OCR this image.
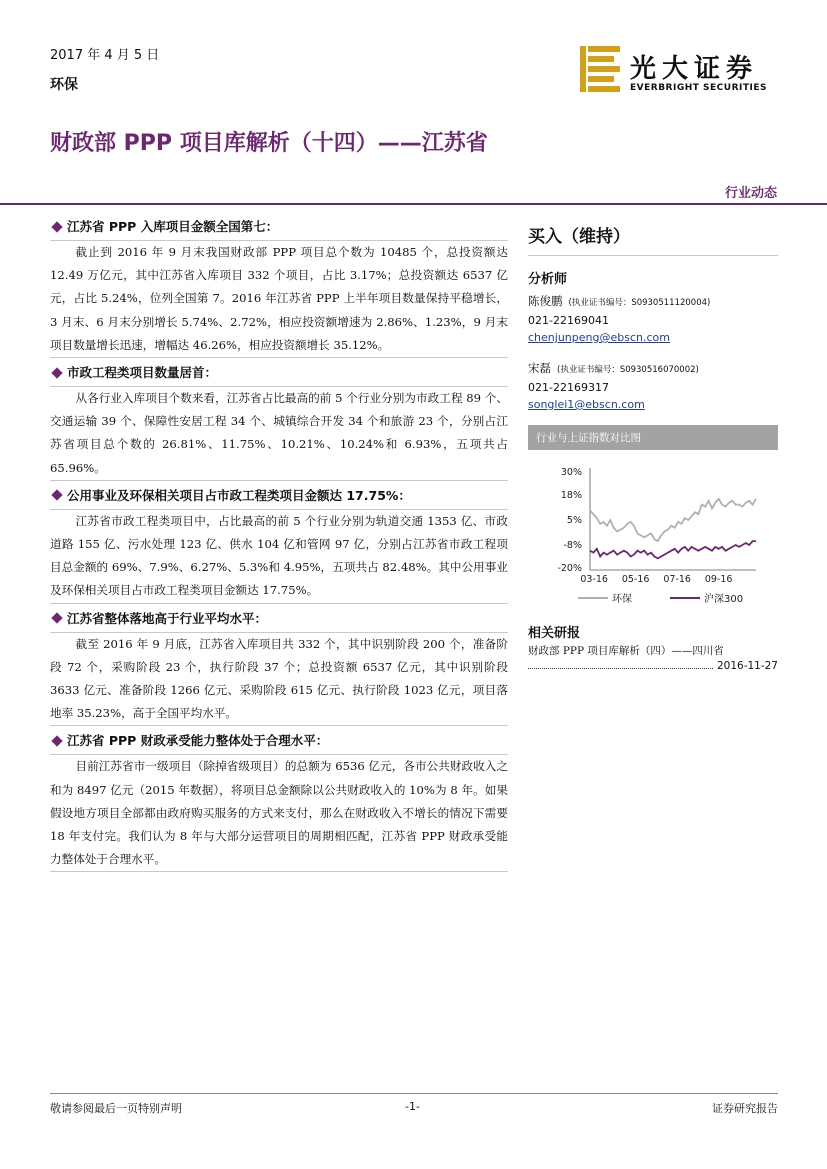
2017 年 4 月 5 日
环保
光大证券
EVERBRIGHT SECURITIES
财政部 PPP 项目库解析（十四）——江苏省
行业动态
江苏省 PPP 入库项目金额全国第七：

截止到 2016 年 9 月末我国财政部 PPP 项目总个数为 10485 个，总投资额达 12.49 万亿元，其中江苏省入库项目 332 个项目，占比 3.17%；总投资额达 6537 亿元，占比 5.24%，位列全国第 7。2016 年江苏省 PPP 上半年项目数量保持平稳增长，3 月末、6 月末分别增长 5.74%、2.72%，相应投资额增速为 2.86%、1.23%，9 月末项目数量增长迅速，增幅达 46.26%，相应投资额增长 35.12%。

市政工程类项目数量居首：

从各行业入库项目个数来看，江苏省占比最高的前 5 个行业分别为市政工程 89 个、交通运输 39 个、保障性安居工程 34 个、城镇综合开发 34 个和旅游 23 个，分别占江苏省项目总个数的 26.81%、11.75%、10.21%、10.24%和 6.93%，五项共占 65.96%。

公用事业及环保相关项目占市政工程类项目金额达 17.75%：

江苏省市政工程类项目中，占比最高的前 5 个行业分别为轨道交通 1353 亿、市政道路 155 亿、污水处理 123 亿、供水 104 亿和管网 97 亿，分别占江苏省市政工程项目总金额的 69%、7.9%、6.27%、5.3%和 4.95%，五项共占 82.48%。其中公用事业及环保相关项目占市政工程类项目金额达 17.75%。

江苏省整体落地高于行业平均水平：

截至 2016 年 9 月底，江苏省入库项目共 332 个，其中识别阶段 200 个，准备阶段 72 个，采购阶段 23 个，执行阶段 37 个；总投资额 6537 亿元，其中识别阶段 3633 亿元、准备阶段 1266 亿元、采购阶段 615 亿元、执行阶段 1023 亿元，项目落地率 35.23%，高于全国平均水平。

江苏省 PPP 财政承受能力整体处于合理水平：

目前江苏省市一级项目（除掉省级项目）的总额为 6536 亿元，各市公共财政收入之和为 8497 亿元（2015 年数据），将项目总金额除以公共财政收入的 10%为 8 年。如果假设地方项目全部都由政府购买服务的方式来支付，那么在财政收入不增长的情况下需要 18 年支付完。我们认为 8 年与大部分运营项目的周期相匹配，江苏省 PPP 财政承受能力整体处于合理水平。

买入（维持）
分析师
陈俊鹏 (执业证书编号：S0930511120004)
021-22169041
chenjunpeng@ebscn.com
宋磊 (执业证书编号：S0930516070002)
021-22169317
songlei1@ebscn.com
行业与上证指数对比图
30%
18%
5%
-8%
-20%
03-16 05-16 07-16 09-16
环保	沪深300
相关研报
财政部 PPP 项目库解析（四）——四川省
2016-11-27
敬请参阅最后一页特别声明	-1-	证券研究报告
